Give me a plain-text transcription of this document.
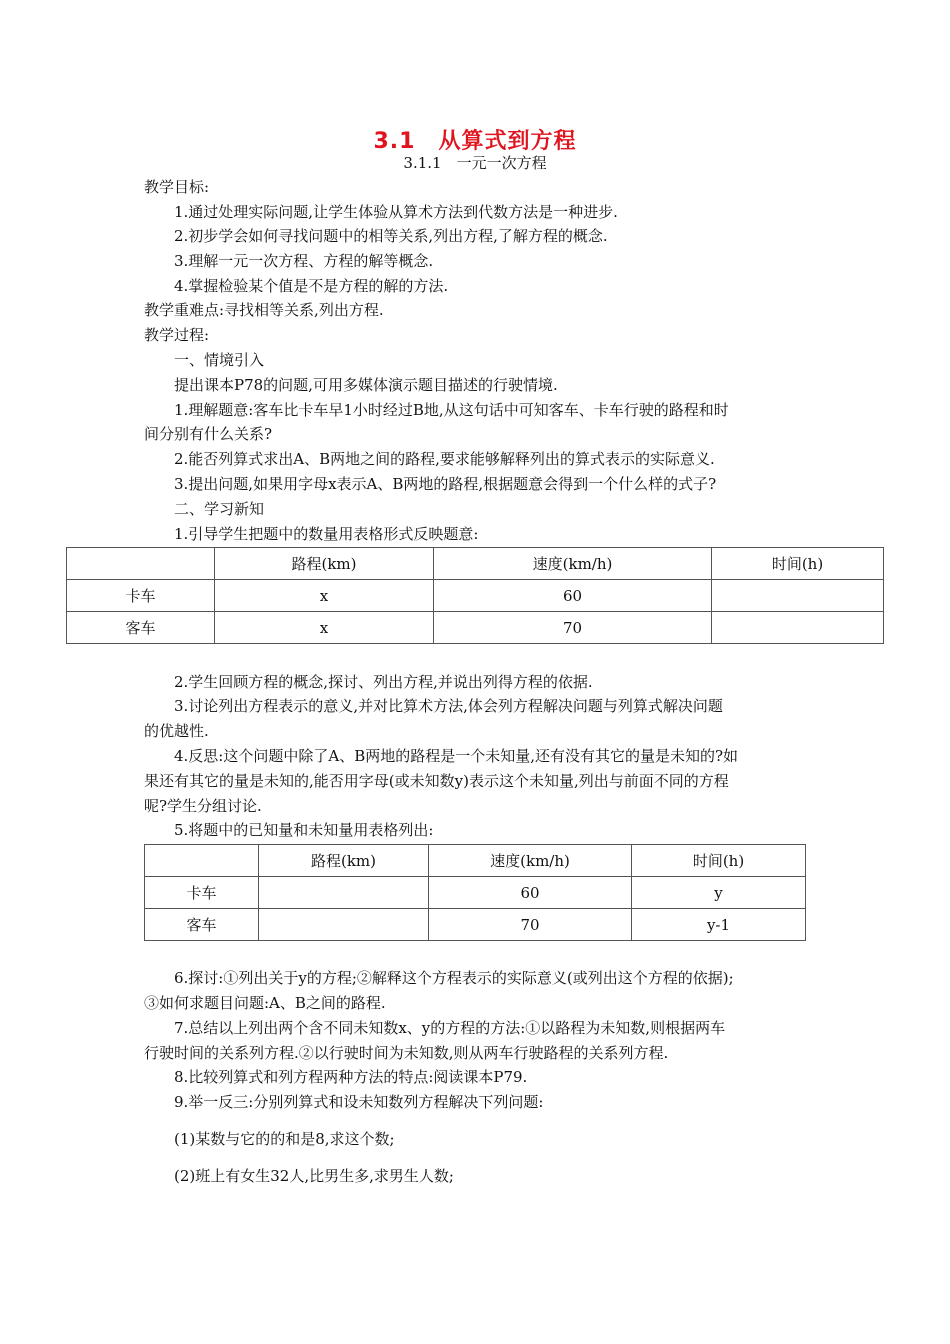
3.1　从算式到方程
3.1.1　一元一次方程
教学目标:
1.通过处理实际问题,让学生体验从算术方法到代数方法是一种进步.
2.初步学会如何寻找问题中的相等关系,列出方程,了解方程的概念.
3.理解一元一次方程、方程的解等概念.
4.掌握检验某个值是不是方程的解的方法.
教学重难点:寻找相等关系,列出方程.
教学过程:
一、情境引入
提出课本P78的问题,可用多媒体演示题目描述的行驶情境.
1.理解题意:客车比卡车早1小时经过B地,从这句话中可知客车、卡车行驶的路程和时
间分别有什么关系?
2.能否列算式求出A、B两地之间的路程,要求能够解释列出的算式表示的实际意义.
3.提出问题,如果用字母x表示A、B两地的路程,根据题意会得到一个什么样的式子?
二、学习新知
1.引导学生把题中的数量用表格形式反映题意:
	路程(km)	速度(km/h)	时间(h)
卡车	x	60	
客车	x	70	
2.学生回顾方程的概念,探讨、列出方程,并说出列得方程的依据.
3.讨论列出方程表示的意义,并对比算术方法,体会列方程解决问题与列算式解决问题
的优越性.
4.反思:这个问题中除了A、B两地的路程是一个未知量,还有没有其它的量是未知的?如
果还有其它的量是未知的,能否用字母(或未知数y)表示这个未知量,列出与前面不同的方程
呢?学生分组讨论.
5.将题中的已知量和未知量用表格列出:
	路程(km)	速度(km/h)	时间(h)
卡车		60	y
客车		70	y-1
6.探讨:①列出关于y的方程;②解释这个方程表示的实际意义(或列出这个方程的依据);
③如何求题目问题:A、B之间的路程.
7.总结以上列出两个含不同未知数x、y的方程的方法:①以路程为未知数,则根据两车
行驶时间的关系列方程.②以行驶时间为未知数,则从两车行驶路程的关系列方程.
8.比较列算式和列方程两种方法的特点:阅读课本P79.
9.举一反三:分别列算式和设未知数列方程解决下列问题:
(1)某数与它的的和是8,求这个数;
(2)班上有女生32人,比男生多,求男生人数;
